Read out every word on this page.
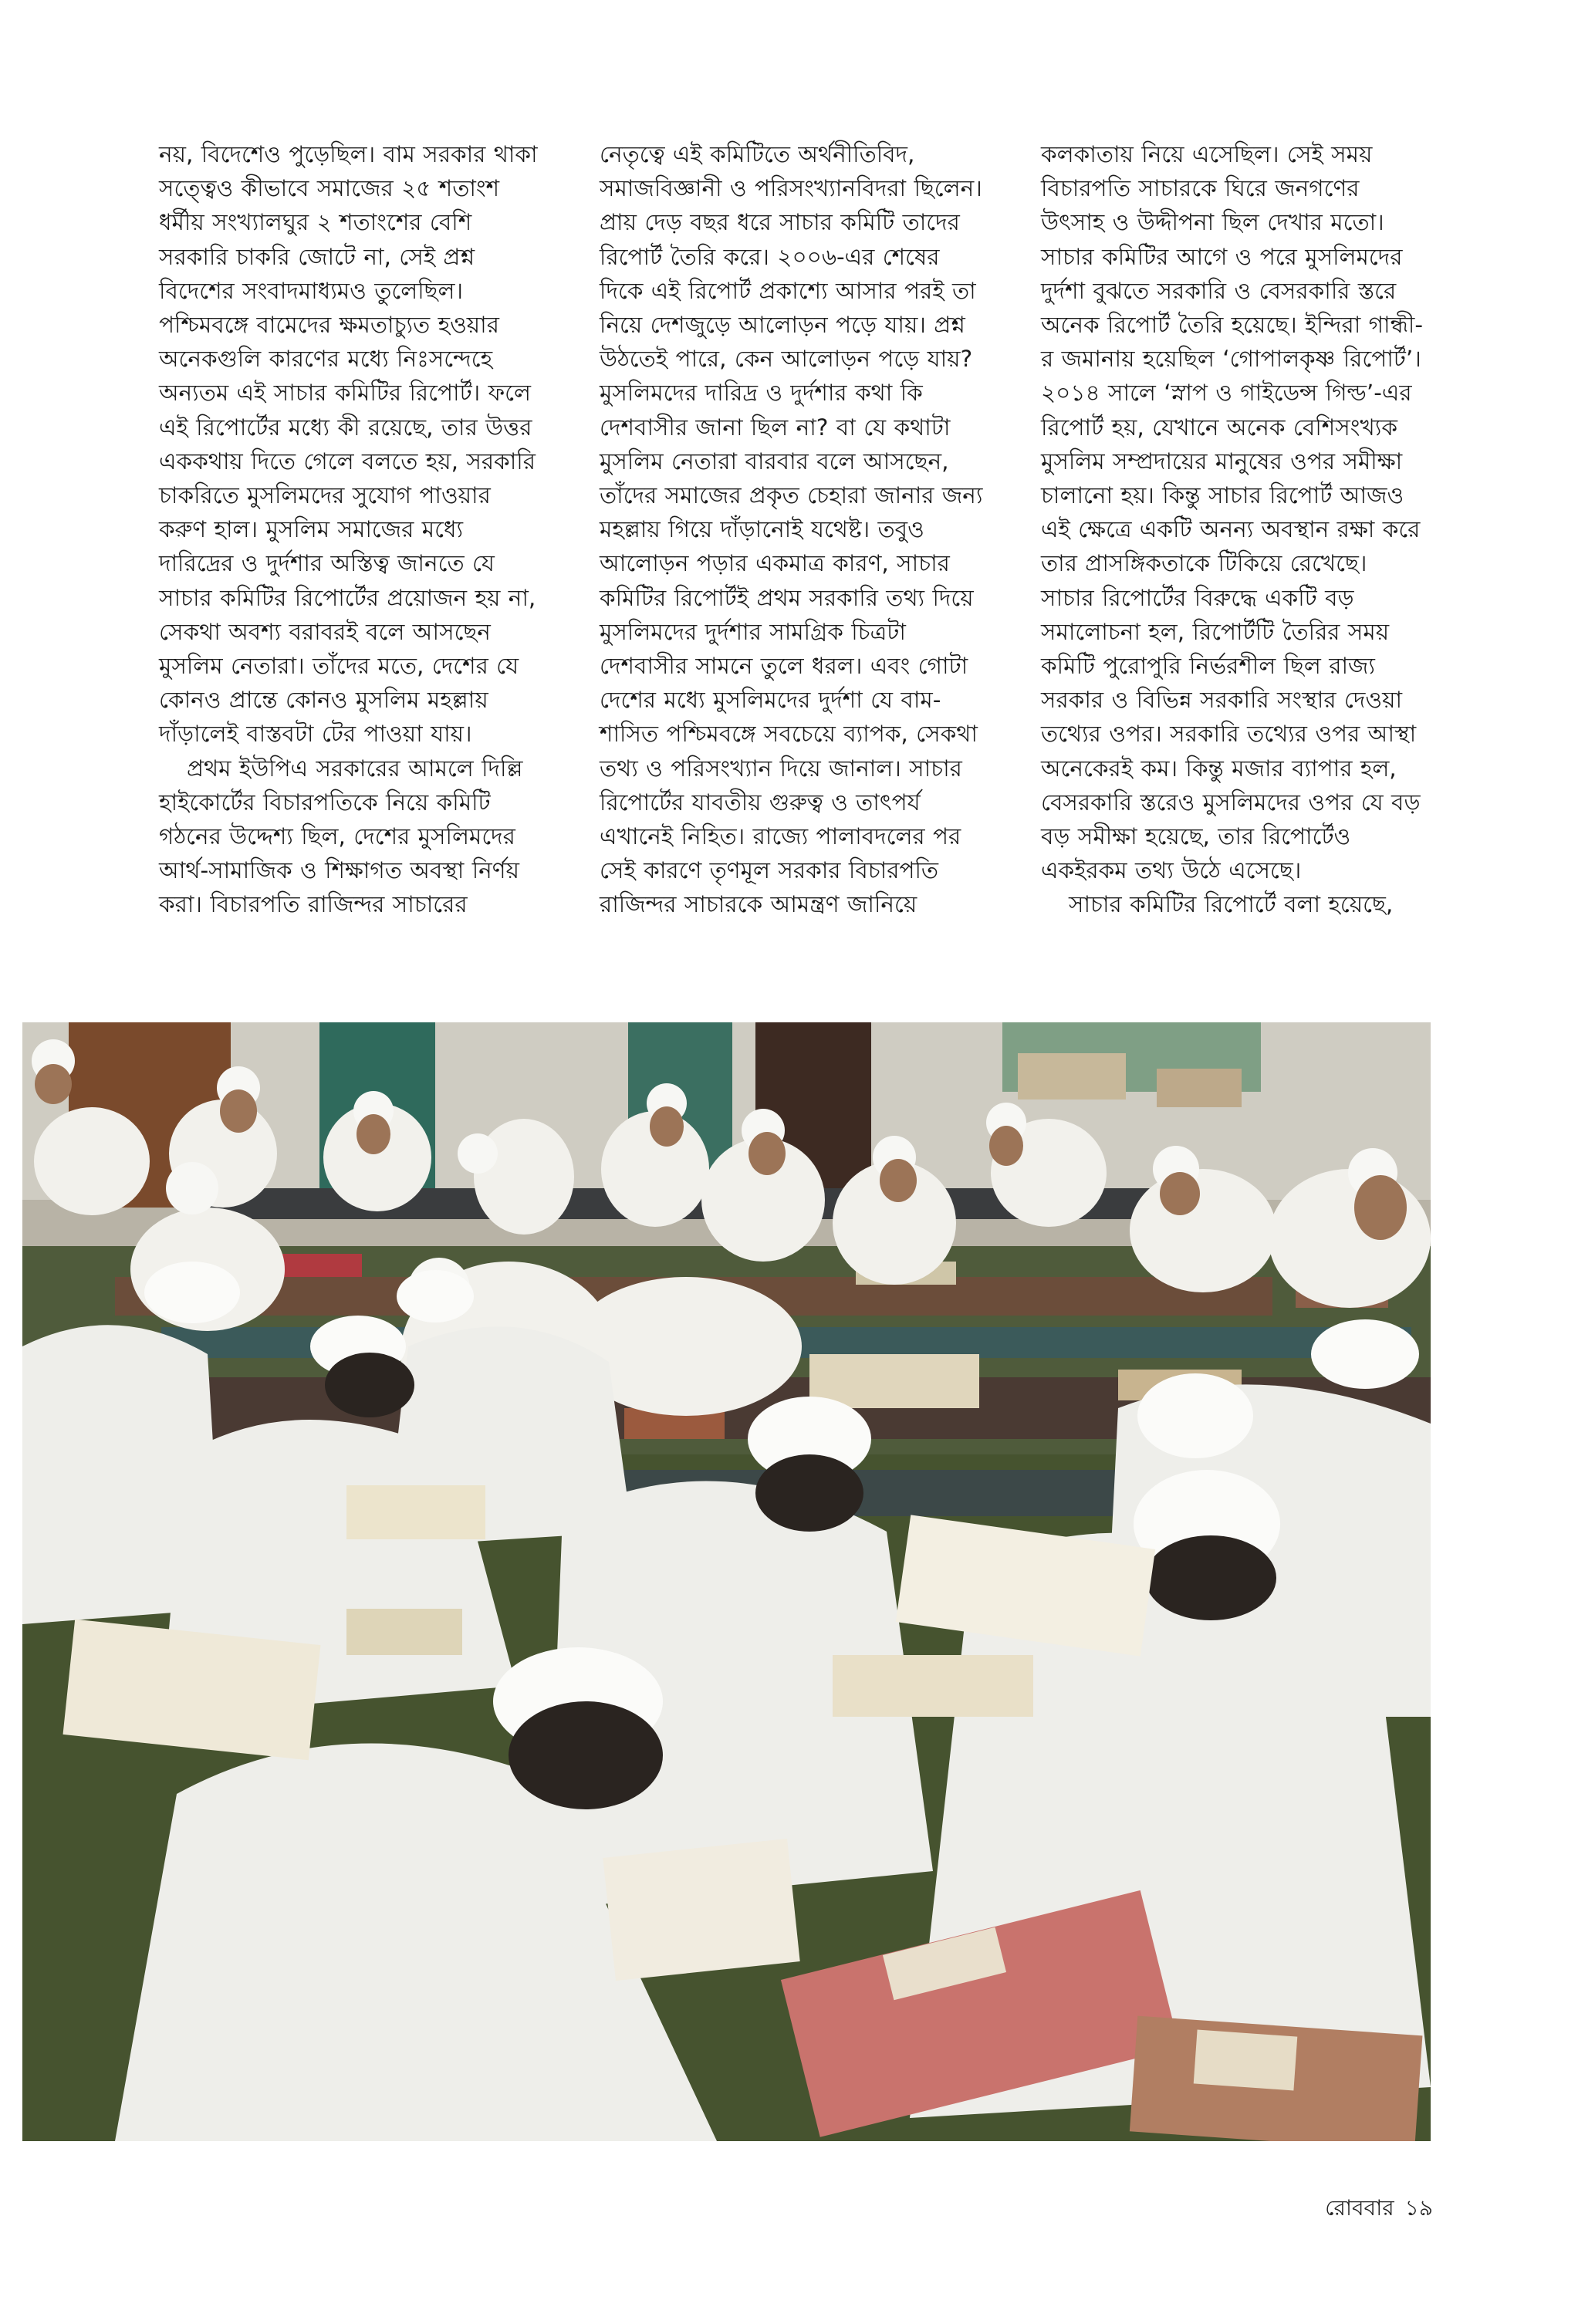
নয়, বিদেশেও পুড়েছিল। বাম সরকার থাকা সত্ত্বেও কীভাবে সমাজের ২৫ শতাংশ ধর্মীয় সংখ্যালঘুর ২ শতাংশের বেশি সরকারি চাকরি জোটে না, সেই প্রশ্ন বিদেশের সংবাদমাধ্যমও তুলেছিল। পশ্চিমবঙ্গে বামেদের ক্ষমতাচ্যুত হওয়ার অনেকগুলি কারণের মধ্যে নিঃসন্দেহে অন্যতম এই সাচার কমিটির রিপোর্ট। ফলে এই রিপোর্টের মধ্যে কী রয়েছে, তার উত্তর এককথায় দিতে গেলে বলতে হয়, সরকারি চাকরিতে মুসলিমদের সুযোগ পাওয়ার করুণ হাল। মুসলিম সমাজের মধ্যে দারিদ্রের ও দুর্দশার অস্তিত্ব জানতে যে সাচার কমিটির রিপোর্টের প্রয়োজন হয় না, সেকথা অবশ্য বরাবরই বলে আসছেন মুসলিম নেতারা। তাঁদের মতে, দেশের যে কোনও প্রান্তে কোনও মুসলিম মহল্লায় দাঁড়ালেই বাস্তবটা টের পাওয়া যায়।

প্রথম ইউপিএ সরকারের আমলে দিল্লি হাইকোর্টের বিচারপতিকে নিয়ে কমিটি গঠনের উদ্দেশ্য ছিল, দেশের মুসলিমদের আর্থ-সামাজিক ও শিক্ষাগত অবস্থা নির্ণয় করা। বিচারপতি রাজিন্দর সাচারের

নেতৃত্বে এই কমিটিতে অর্থনীতিবিদ, সমাজবিজ্ঞানী ও পরিসংখ্যানবিদরা ছিলেন। প্রায় দেড় বছর ধরে সাচার কমিটি তাদের রিপোর্ট তৈরি করে। ২০০৬-এর শেষের দিকে এই রিপোর্ট প্রকাশ্যে আসার পরই তা নিয়ে দেশজুড়ে আলোড়ন পড়ে যায়। প্রশ্ন উঠতেই পারে, কেন আলোড়ন পড়ে যায়? মুসলিমদের দারিদ্র ও দুর্দশার কথা কি দেশবাসীর জানা ছিল না? বা যে কথাটা মুসলিম নেতারা বারবার বলে আসছেন, তাঁদের সমাজের প্রকৃত চেহারা জানার জন্য মহল্লায় গিয়ে দাঁড়ানোই যথেষ্ট। তবুও আলোড়ন পড়ার একমাত্র কারণ, সাচার কমিটির রিপোর্টই প্রথম সরকারি তথ্য দিয়ে মুসলিমদের দুর্দশার সামগ্রিক চিত্রটা দেশবাসীর সামনে তুলে ধরল। এবং গোটা দেশের মধ্যে মুসলিমদের দুর্দশা যে বাম-শাসিত পশ্চিমবঙ্গে সবচেয়ে ব্যাপক, সেকথা তথ্য ও পরিসংখ্যান দিয়ে জানাল। সাচার রিপোর্টের যাবতীয় গুরুত্ব ও তাৎপর্য এখানেই নিহিত। রাজ্যে পালাবদলের পর সেই কারণে তৃণমূল সরকার বিচারপতি রাজিন্দর সাচারকে আমন্ত্রণ জানিয়ে

কলকাতায় নিয়ে এসেছিল। সেই সময় বিচারপতি সাচারকে ঘিরে জনগণের উৎসাহ ও উদ্দীপনা ছিল দেখার মতো। সাচার কমিটির আগে ও পরে মুসলিমদের দুর্দশা বুঝতে সরকারি ও বেসরকারি স্তরে অনেক রিপোর্ট তৈরি হয়েছে। ইন্দিরা গান্ধী-র জমানায় হয়েছিল ‘গোপালকৃষ্ণ রিপোর্ট’। ২০১৪ সালে ‘স্নাপ ও গাইডেন্স গিল্ড’-এর রিপোর্ট হয়, যেখানে অনেক বেশিসংখ্যক মুসলিম সম্প্রদায়ের মানুষের ওপর সমীক্ষা চালানো হয়। কিন্তু সাচার রিপোর্ট আজও এই ক্ষেত্রে একটি অনন্য অবস্থান রক্ষা করে তার প্রাসঙ্গিকতাকে টিকিয়ে রেখেছে। সাচার রিপোর্টের বিরুদ্ধে একটি বড় সমালোচনা হল, রিপোর্টটি তৈরির সময় কমিটি পুরোপুরি নির্ভরশীল ছিল রাজ্য সরকার ও বিভিন্ন সরকারি সংস্থার দেওয়া তথ্যের ওপর। সরকারি তথ্যের ওপর আস্থা অনেকেরই কম। কিন্তু মজার ব্যাপার হল, বেসরকারি স্তরেও মুসলিমদের ওপর যে বড় বড় সমীক্ষা হয়েছে, তার রিপোর্টেও একইরকম তথ্য উঠে এসেছে।

সাচার কমিটির রিপোর্টে বলা হয়েছে,

রোববার ১৯
